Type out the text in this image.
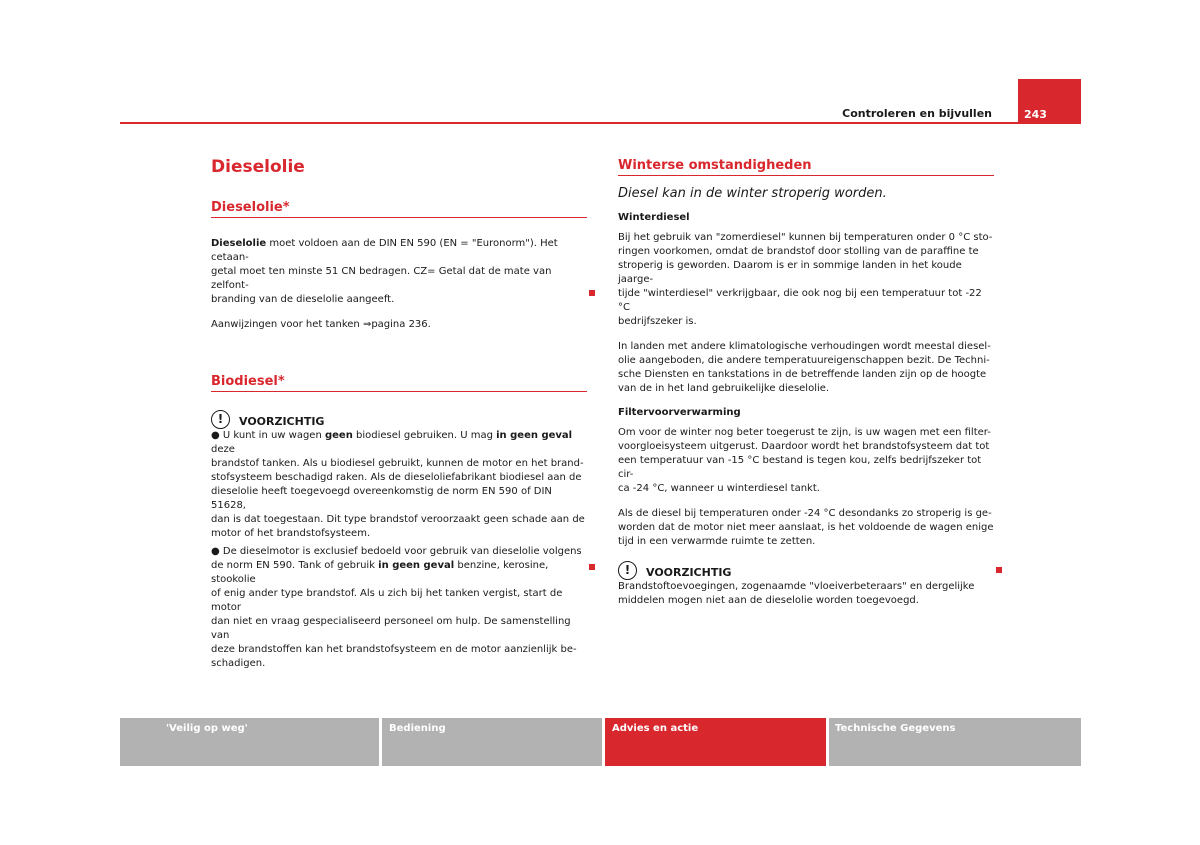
Controleren en bijvullen	243

Dieselolie

Dieselolie*

Dieselolie moet voldoen aan de DIN EN 590 (EN = "Euronorm"). Het cetaan-

getal moet ten minste 51 CN bedragen. CZ= Getal dat de mate van zelfont-

branding van de dieselolie aangeeft.

Aanwijzingen voor het tanken ⇒pagina 236.

Biodiesel*

!	VOORZICHTIG

● U kunt in uw wagen geen biodiesel gebruiken. U mag in geen geval deze

brandstof tanken. Als u biodiesel gebruikt, kunnen de motor en het brand-

stofsysteem beschadigd raken. Als de dieseloliefabrikant biodiesel aan de

dieselolie heeft toegevoegd overeenkomstig de norm EN 590 of DIN 51628,

dan is dat toegestaan. Dit type brandstof veroorzaakt geen schade aan de

motor of het brandstofsysteem.

● De dieselmotor is exclusief bedoeld voor gebruik van dieselolie volgens

de norm EN 590. Tank of gebruik in geen geval benzine, kerosine, stookolie

of enig ander type brandstof. Als u zich bij het tanken vergist, start de motor

dan niet en vraag gespecialiseerd personeel om hulp. De samenstelling van

deze brandstoffen kan het brandstofsysteem en de motor aanzienlijk be-

schadigen.

Winterse omstandigheden

Diesel kan in de winter stroperig worden.

Winterdiesel

Bij het gebruik van "zomerdiesel" kunnen bij temperaturen onder 0 °C sto-

ringen voorkomen, omdat de brandstof door stolling van de paraffine te

stroperig is geworden. Daarom is er in sommige landen in het koude jaarge-

tijde "winterdiesel" verkrijgbaar, die ook nog bij een temperatuur tot -22 °C

bedrijfszeker is.

In landen met andere klimatologische verhoudingen wordt meestal diesel-

olie aangeboden, die andere temperatuureigenschappen bezit. De Techni-

sche Diensten en tankstations in de betreffende landen zijn op de hoogte

van de in het land gebruikelijke dieselolie.

Filtervoorverwarming

Om voor de winter nog beter toegerust te zijn, is uw wagen met een filter-

voorgloeisysteem uitgerust. Daardoor wordt het brandstofsysteem dat tot

een temperatuur van -15 °C bestand is tegen kou, zelfs bedrijfszeker tot cir-

ca -24 °C, wanneer u winterdiesel tankt.

Als de diesel bij temperaturen onder -24 °C desondanks zo stroperig is ge-

worden dat de motor niet meer aanslaat, is het voldoende de wagen enige

tijd in een verwarmde ruimte te zetten.

!	VOORZICHTIG

Brandstoftoevoegingen, zogenaamde "vloeiverbeteraars" en dergelijke

middelen mogen niet aan de dieselolie worden toegevoegd.

'Veilig op weg'	Bediening	Advies en actie	Technische Gegevens
